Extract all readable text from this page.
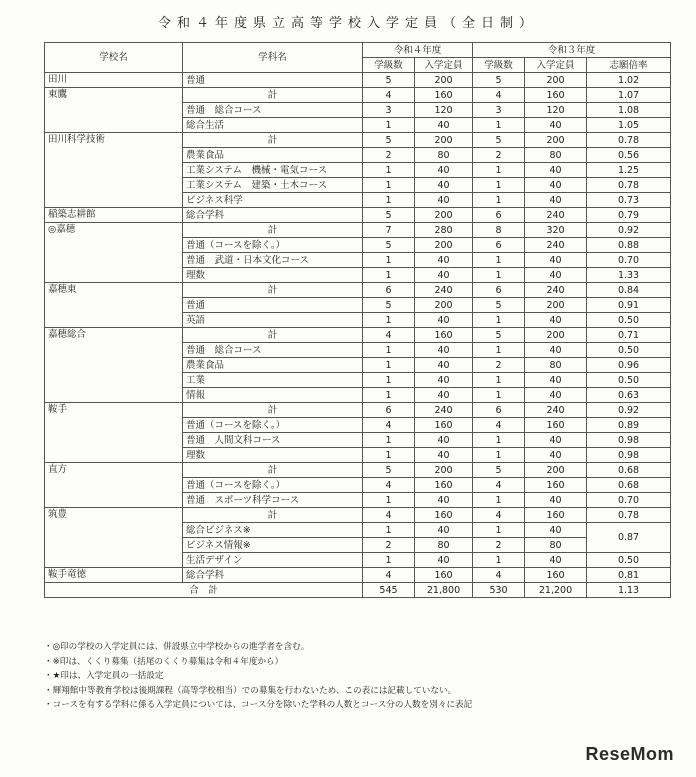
令和４年度県立高等学校入学定員（全日制）
学校名	学科名	令和４年度		令和３年度		
		学級数	入学定員	学級数	入学定員	志願倍率
田川	普通	5	200	5	200	1.02
東鷹	計	4	160	4	160	1.07
	普通　総合コース	3	120	3	120	1.08
	総合生活	1	40	1	40	1.05
田川科学技術	計	5	200	5	200	0.78
	農業食品	2	80	2	80	0.56
	工業システム　機械・電気コース	1	40	1	40	1.25
	工業システム　建築・土木コース	1	40	1	40	0.78
	ビジネス科学	1	40	1	40	0.73
稲築志耕館	総合学科	5	200	6	240	0.79
◎嘉穂	計	7	280	8	320	0.92
	普通（コースを除く。）	5	200	6	240	0.88
	普通　武道・日本文化コース	1	40	1	40	0.70
	理数	1	40	1	40	1.33
嘉穂東	計	6	240	6	240	0.84
	普通	5	200	5	200	0.91
	英語	1	40	1	40	0.50
嘉穂総合	計	4	160	5	200	0.71
	普通　総合コース	1	40	1	40	0.50
	農業食品	1	40	2	80	0.96
	工業	1	40	1	40	0.50
	情報	1	40	1	40	0.63
鞍手	計	6	240	6	240	0.92
	普通（コースを除く。）	4	160	4	160	0.89
	普通　人間文科コース	1	40	1	40	0.98
	理数	1	40	1	40	0.98
直方	計	5	200	5	200	0.68
	普通（コースを除く。）	4	160	4	160	0.68
	普通　スポーツ科学コース	1	40	1	40	0.70
筑豊	計	4	160	4	160	0.78
	総合ビジネス※	1	40	1	40	0.87
	ビジネス情報※	2	80	2	80	
	生活デザイン	1	40	1	40	0.50
鞍手竜徳	総合学科	4	160	4	160	0.81
合　計		545	21,800	530	21,200	1.13
・◎印の学校の入学定員には、併設県立中学校からの進学者を含む。
・※印は、くくり募集（括尾のくくり募集は令和４年度から）
・★印は、入学定員の一括設定
・輝翔館中等教育学校は後期課程（高等学校相当）での募集を行わないため、この表には記載していない。
・コースを有する学科に係る入学定員については、コース分を除いた学科の人数とコース分の人数を別々に表記
ReseMom
